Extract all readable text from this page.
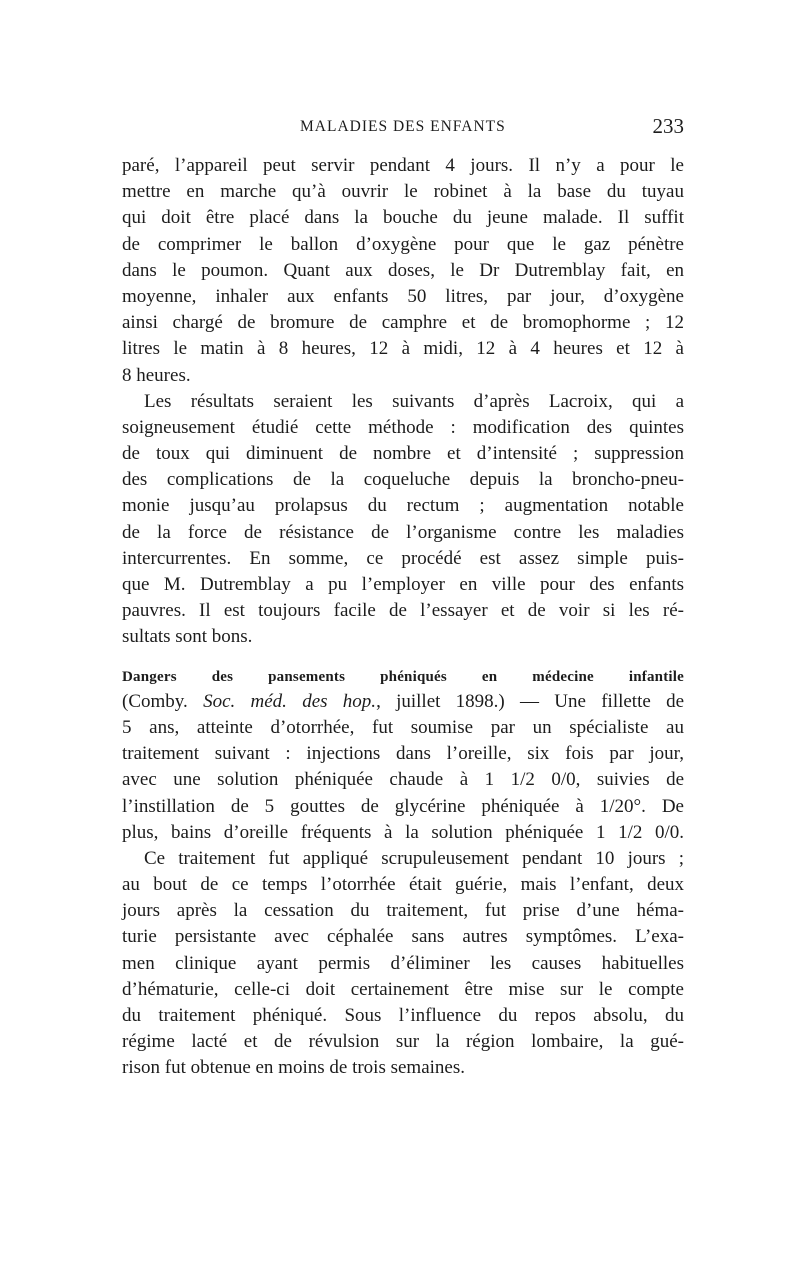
MALADIES DES ENFANTS	233
paré, l’appareil peut servir pendant 4 jours. Il n’y a pour le
mettre en marche qu’à ouvrir le robinet à la base du tuyau
qui doit être placé dans la bouche du jeune malade. Il suffit
de comprimer le ballon d’oxygène pour que le gaz pénètre
dans le poumon. Quant aux doses, le Dr Dutremblay fait, en
moyenne, inhaler aux enfants 50 litres, par jour, d’oxygène
ainsi chargé de bromure de camphre et de bromophorme ; 12
litres le matin à 8 heures, 12 à midi, 12 à 4 heures et 12 à
8 heures.
Les résultats seraient les suivants d’après Lacroix, qui a
soigneusement étudié cette méthode : modification des quintes
de toux qui diminuent de nombre et d’intensité ; suppression
des complications de la coqueluche depuis la broncho-pneu-
monie jusqu’au prolapsus du rectum ; augmentation notable
de la force de résistance de l’organisme contre les maladies
intercurrentes. En somme, ce procédé est assez simple puis-
que M. Dutremblay a pu l’employer en ville pour des enfants
pauvres. Il est toujours facile de l’essayer et de voir si les ré-
sultats sont bons.
Dangers des pansements phéniqués en médecine infantile
(Comby. Soc. méd. des hop., juillet 1898.) — Une fillette de
5 ans, atteinte d’otorrhée, fut soumise par un spécialiste au
traitement suivant : injections dans l’oreille, six fois par jour,
avec une solution phéniquée chaude à 1 1/2 0/0, suivies de
l’instillation de 5 gouttes de glycérine phéniquée à 1/20°. De
plus, bains d’oreille fréquents à la solution phéniquée 1 1/2 0/0.
Ce traitement fut appliqué scrupuleusement pendant 10 jours ;
au bout de ce temps l’otorrhée était guérie, mais l’enfant, deux
jours après la cessation du traitement, fut prise d’une héma-
turie persistante avec céphalée sans autres symptômes. L’exa-
men clinique ayant permis d’éliminer les causes habituelles
d’hématurie, celle-ci doit certainement être mise sur le compte
du traitement phéniqué. Sous l’influence du repos absolu, du
régime lacté et de révulsion sur la région lombaire, la gué-
rison fut obtenue en moins de trois semaines.
